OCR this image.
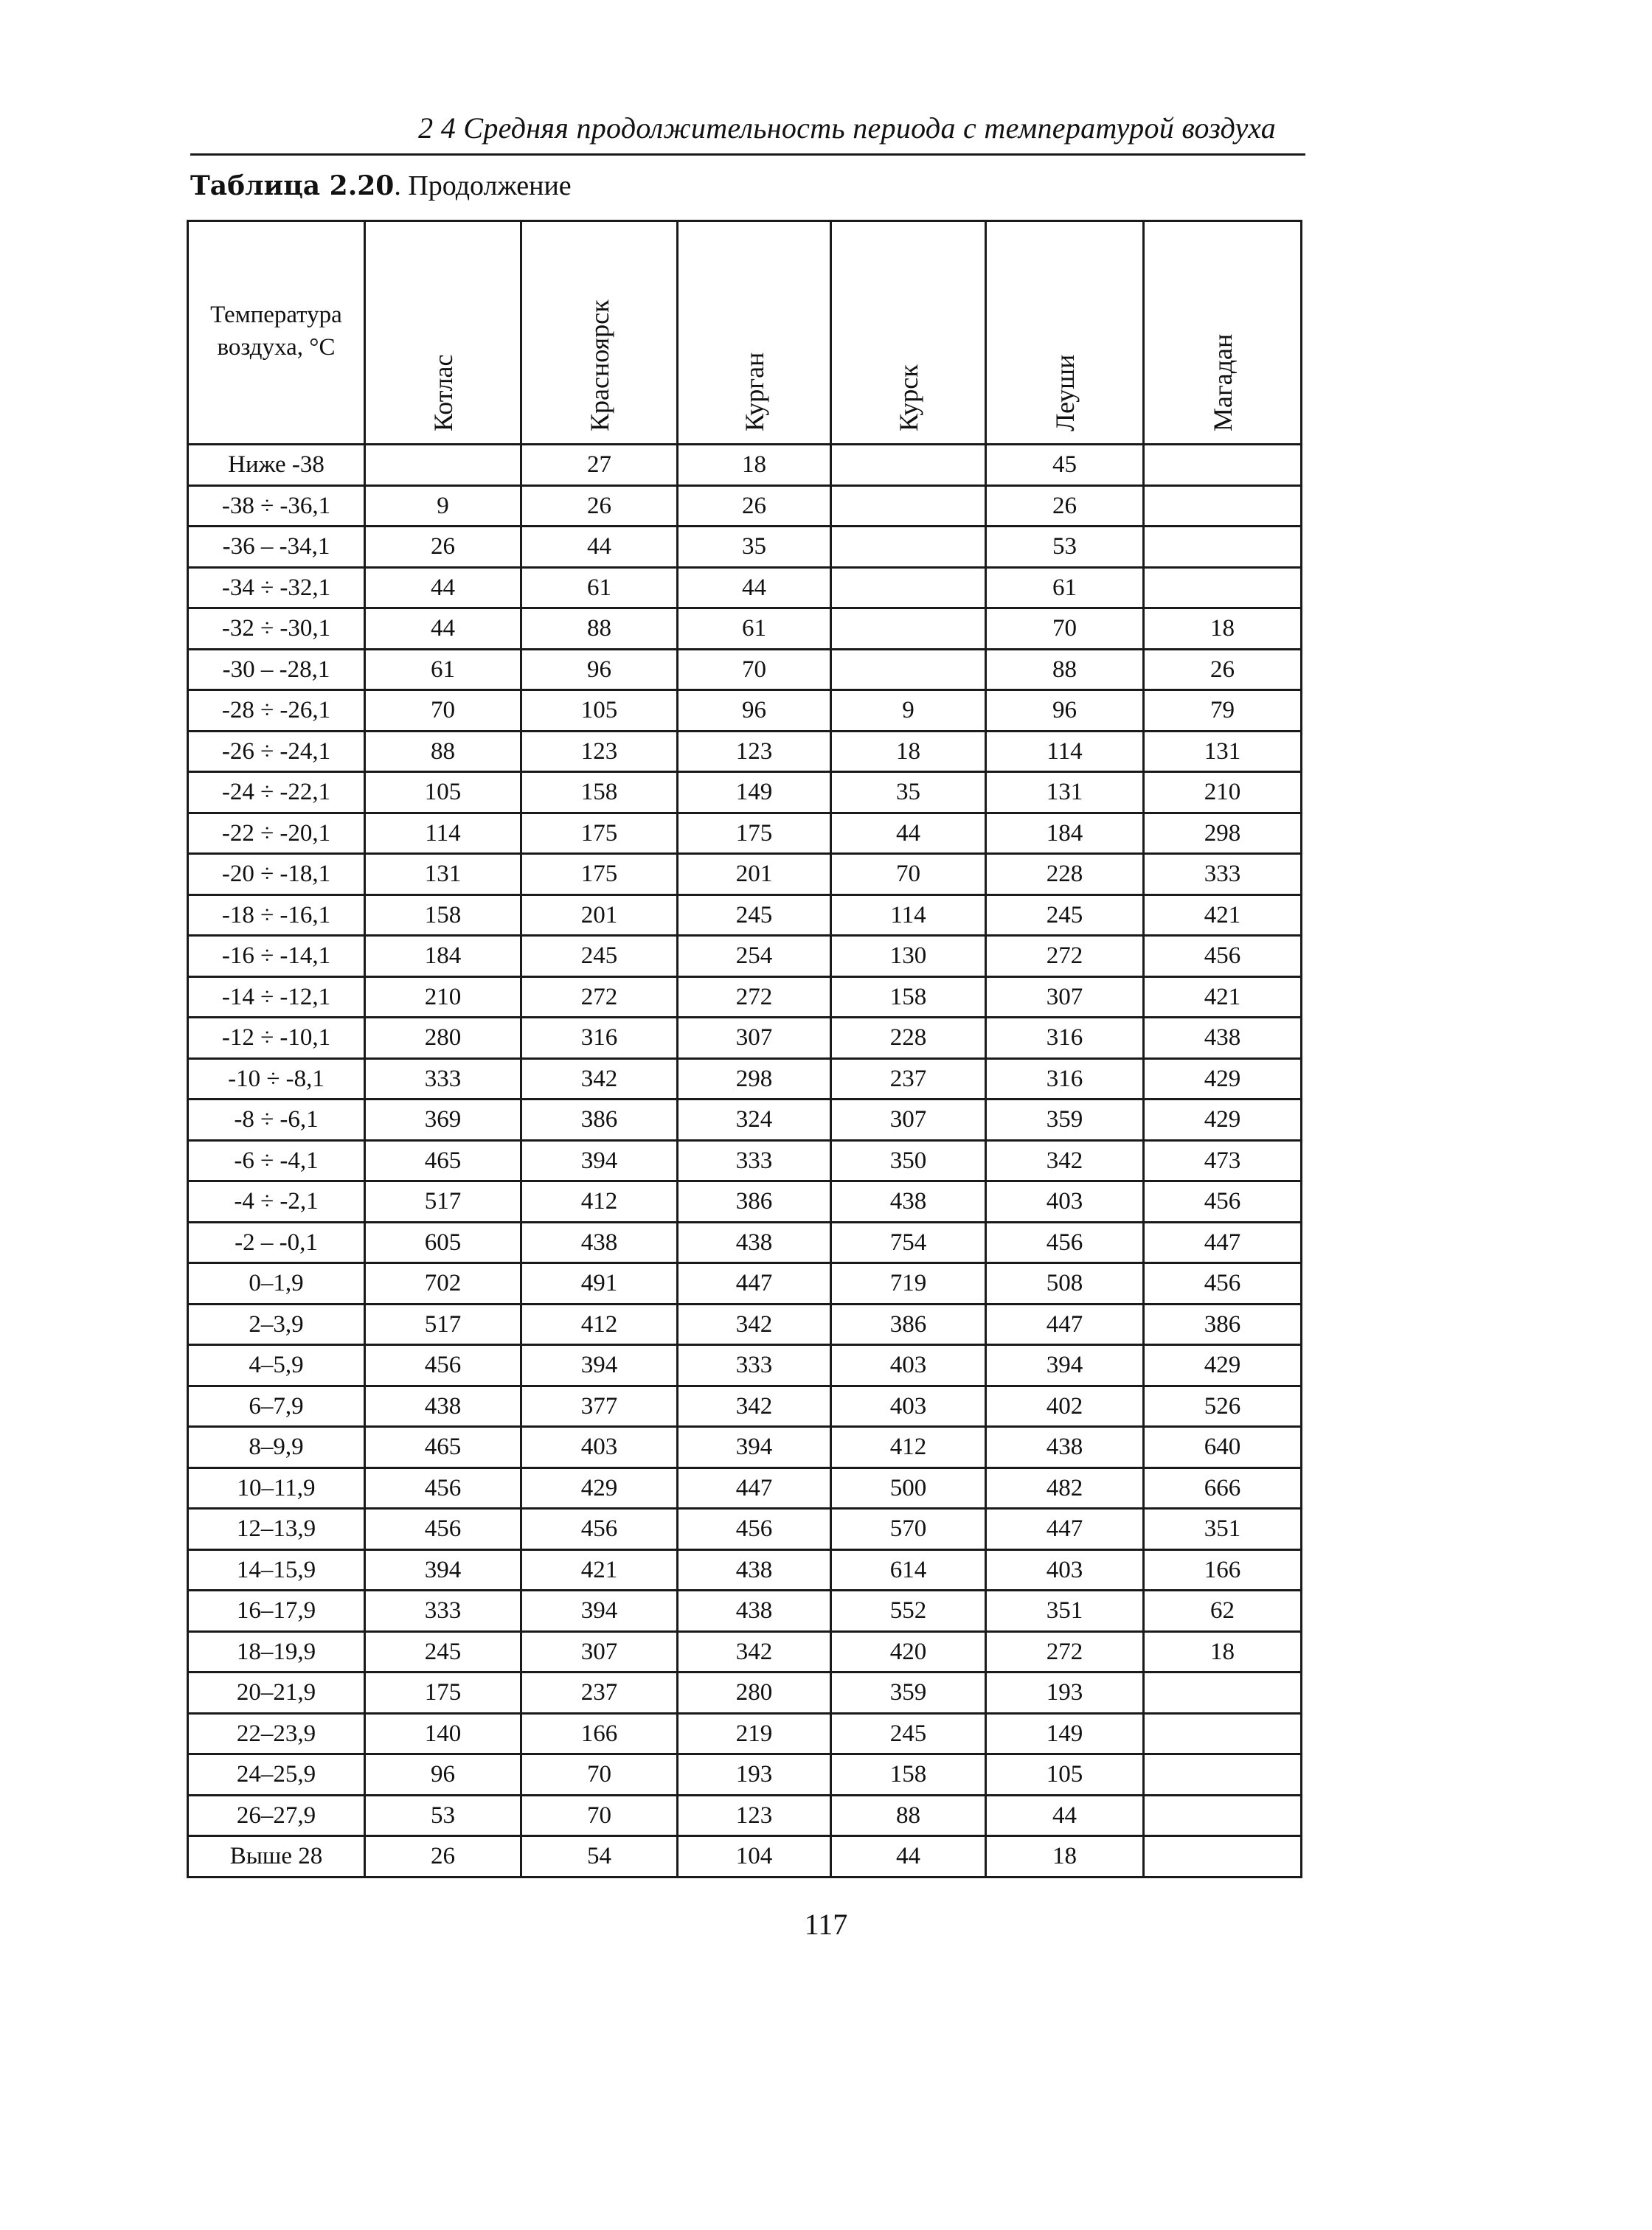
2 4 Средняя продолжительность периода с температурой воздуха
Таблица 2.20. Продолжение
Температура
воздуха, °С	Котлас	Красноярск	Курган	Курск	Леуши	Магадан

Ниже -38		27	18		45	
-38 ÷ -36,1	9	26	26		26	
-36 – -34,1	26	44	35		53	
-34 ÷ -32,1	44	61	44		61	
-32 ÷ -30,1	44	88	61		70	18
-30 – -28,1	61	96	70		88	26
-28 ÷ -26,1	70	105	96	9	96	79
-26 ÷ -24,1	88	123	123	18	114	131
-24 ÷ -22,1	105	158	149	35	131	210
-22 ÷ -20,1	114	175	175	44	184	298
-20 ÷ -18,1	131	175	201	70	228	333
-18 ÷ -16,1	158	201	245	114	245	421
-16 ÷ -14,1	184	245	254	130	272	456
-14 ÷ -12,1	210	272	272	158	307	421
-12 ÷ -10,1	280	316	307	228	316	438
-10 ÷ -8,1	333	342	298	237	316	429
-8 ÷ -6,1	369	386	324	307	359	429
-6 ÷ -4,1	465	394	333	350	342	473
-4 ÷ -2,1	517	412	386	438	403	456
-2 – -0,1	605	438	438	754	456	447
0–1,9	702	491	447	719	508	456
2–3,9	517	412	342	386	447	386
4–5,9	456	394	333	403	394	429
6–7,9	438	377	342	403	402	526
8–9,9	465	403	394	412	438	640
10–11,9	456	429	447	500	482	666
12–13,9	456	456	456	570	447	351
14–15,9	394	421	438	614	403	166
16–17,9	333	394	438	552	351	62
18–19,9	245	307	342	420	272	18
20–21,9	175	237	280	359	193	
22–23,9	140	166	219	245	149	
24–25,9	96	70	193	158	105	
26–27,9	53	70	123	88	44	
Выше 28	26	54	104	44	18	
117
